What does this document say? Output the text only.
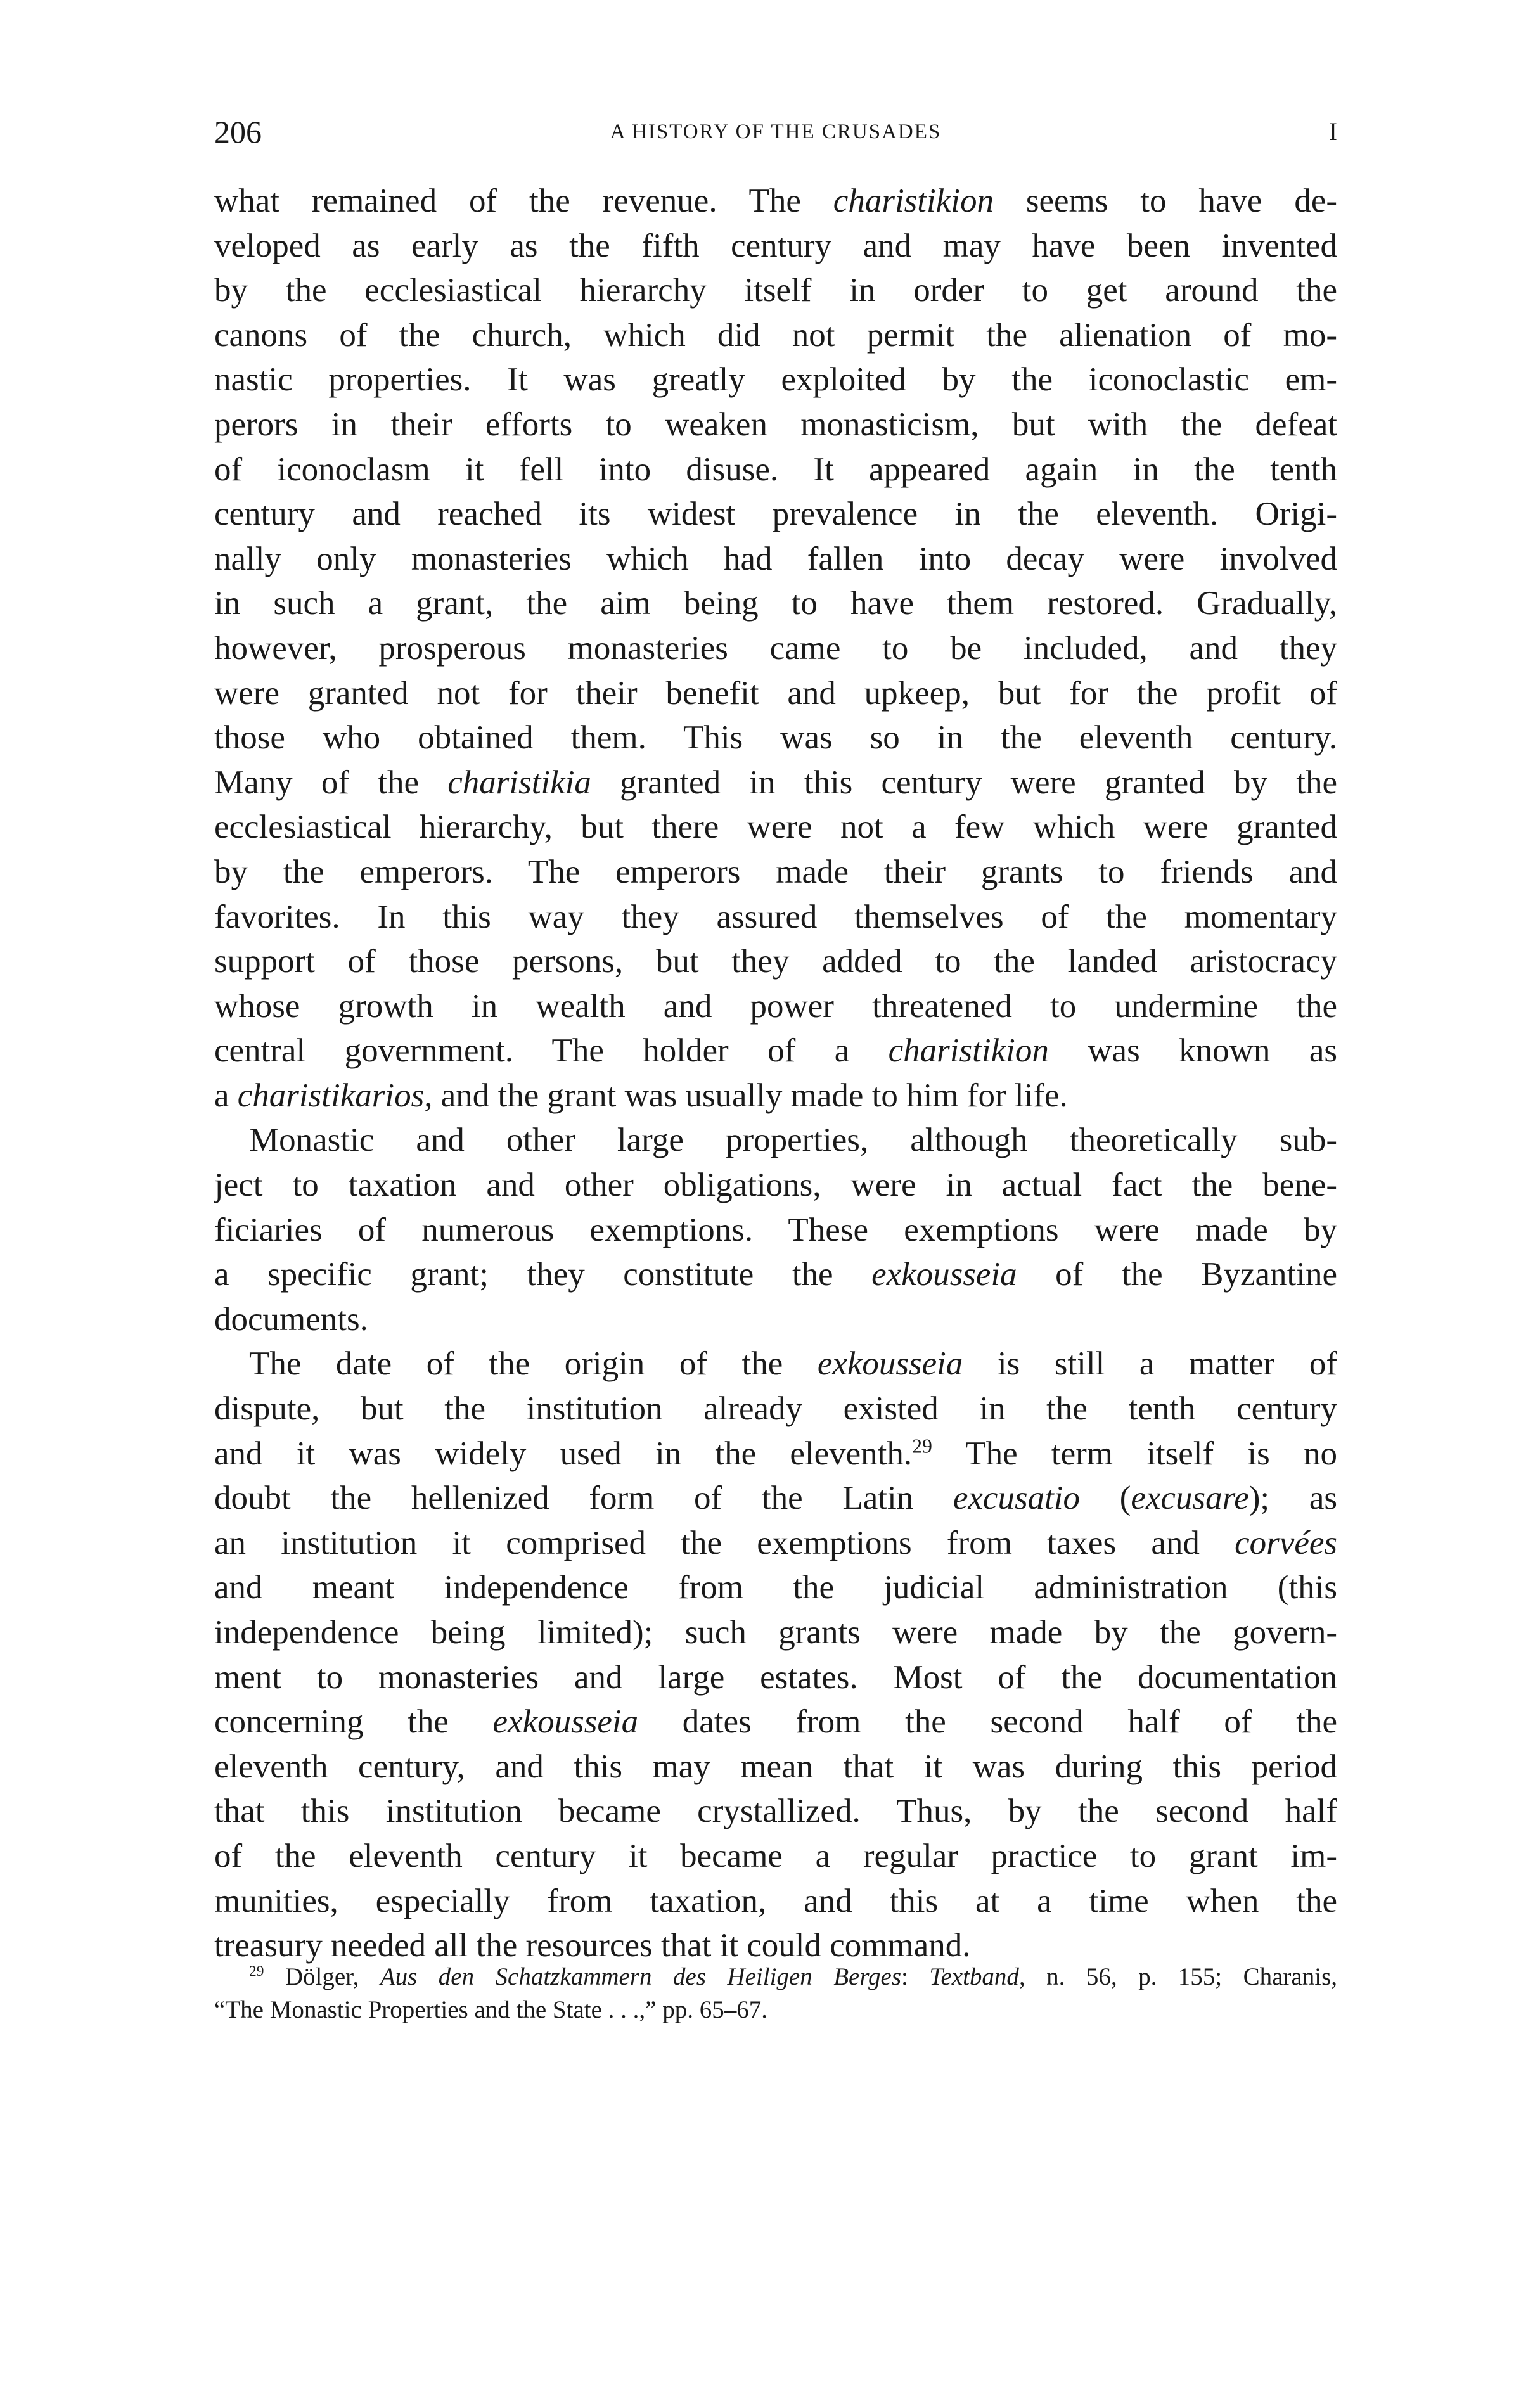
206	A HISTORY OF THE CRUSADES	I
what remained of the revenue. The charistikion seems to have de-
veloped as early as the fifth century and may have been invented
by the ecclesiastical hierarchy itself in order to get around the
canons of the church, which did not permit the alienation of mo-
nastic properties. It was greatly exploited by the iconoclastic em-
perors in their efforts to weaken monasticism, but with the defeat
of iconoclasm it fell into disuse. It appeared again in the tenth
century and reached its widest prevalence in the eleventh. Origi-
nally only monasteries which had fallen into decay were involved
in such a grant, the aim being to have them restored. Gradually,
however, prosperous monasteries came to be included, and they
were granted not for their benefit and upkeep, but for the profit of
those who obtained them. This was so in the eleventh century.
Many of the charistikia granted in this century were granted by the
ecclesiastical hierarchy, but there were not a few which were granted
by the emperors. The emperors made their grants to friends and
favorites. In this way they assured themselves of the momentary
support of those persons, but they added to the landed aristocracy
whose growth in wealth and power threatened to undermine the
central government. The holder of a charistikion was known as
a charistikarios, and the grant was usually made to him for life.
Monastic and other large properties, although theoretically sub-
ject to taxation and other obligations, were in actual fact the bene-
ficiaries of numerous exemptions. These exemptions were made by
a specific grant; they constitute the exkousseia of the Byzantine
documents.
The date of the origin of the exkousseia is still a matter of
dispute, but the institution already existed in the tenth century
and it was widely used in the eleventh.$^{29}$ The term itself is no
doubt the hellenized form of the Latin excusatio (excusare); as
an institution it comprised the exemptions from taxes and corvées
and meant independence from the judicial administration (this
independence being limited); such grants were made by the govern-
ment to monasteries and large estates. Most of the documentation
concerning the exkousseia dates from the second half of the
eleventh century, and this may mean that it was during this period
that this institution became crystallized. Thus, by the second half
of the eleventh century it became a regular practice to grant im-
munities, especially from taxation, and this at a time when the
treasury needed all the resources that it could command.
$^{29}$ Dölger, Aus den Schatzkammern des Heiligen Berges: Textband, n. 56, p. 155; Charanis,
“The Monastic Properties and the State . . .,” pp. 65–67.
